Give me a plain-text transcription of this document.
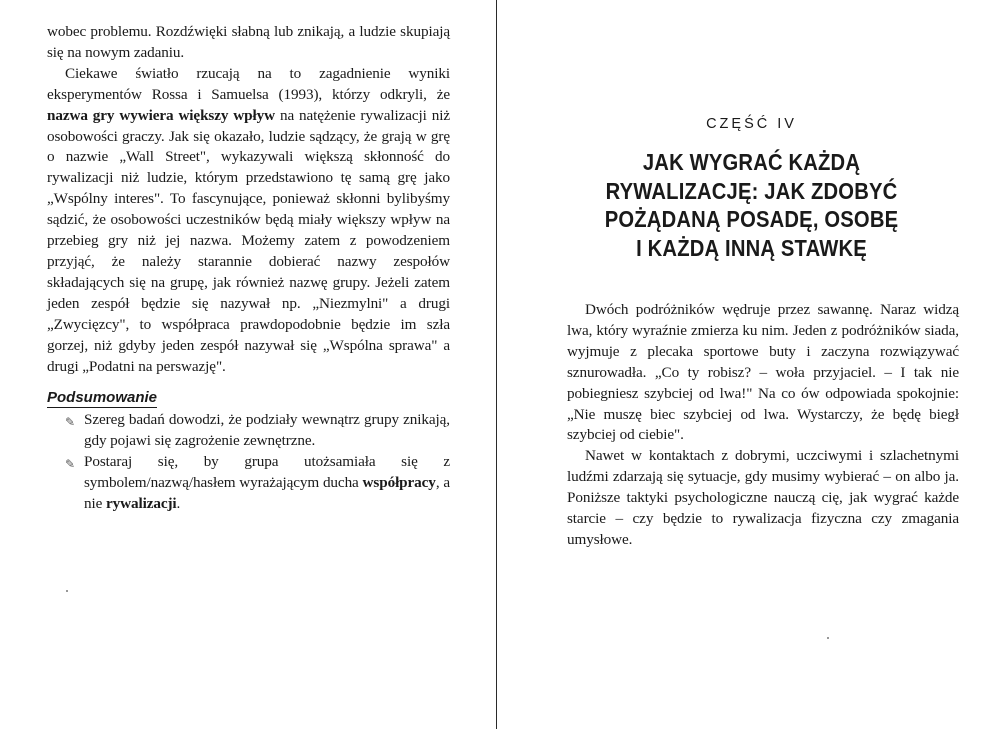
wobec problemu. Rozdźwięki słabną lub znikają, a ludzie skupiają się na nowym zadaniu.

Ciekawe światło rzucają na to zagadnienie wyniki eksperymentów Rossa i Samuelsa (1993), którzy odkryli, że nazwa gry wywiera większy wpływ na natężenie rywalizacji niż osobowości graczy. Jak się okazało, ludzie sądzący, że grają w grę o nazwie „Wall Street", wykazywali większą skłonność do rywalizacji niż ludzie, którym przedstawiono tę samą grę jako „Wspólny interes". To fascynujące, ponieważ skłonni bylibyśmy sądzić, że osobowości uczestników będą miały większy wpływ na przebieg gry niż jej nazwa. Możemy zatem z powodzeniem przyjąć, że należy starannie dobierać nazwy zespołów składających się na grupę, jak również nazwę grupy. Jeżeli zatem jeden zespół będzie się nazywał np. „Niezmylni" a drugi „Zwycięzcy", to współpraca prawdopodobnie będzie im szła gorzej, niż gdyby jeden zespół nazywał się „Wspólna sprawa" a drugi „Podatni na perswazję".

Podsumowanie
✎ Szereg badań dowodzi, że podziały wewnątrz grupy znikają, gdy pojawi się zagrożenie zewnętrzne.
✎ Postaraj się, by grupa utożsamiała się z symbolem/nazwą/hasłem wyrażającym ducha współpracy, a nie rywalizacji.
CZĘŚĆ IV
JAK WYGRAĆ KAŻDĄ
RYWALIZACJĘ: JAK ZDOBYĆ
POŻĄDANĄ POSADĘ, OSOBĘ
I KAŻDĄ INNĄ STAWKĘ

Dwóch podróżników wędruje przez sawannę. Naraz widzą lwa, który wyraźnie zmierza ku nim. Jeden z podróżników siada, wyjmuje z plecaka sportowe buty i zaczyna rozwiązywać sznurowadła. „Co ty robisz? – woła przyjaciel. – I tak nie pobiegniesz szybciej od lwa!" Na co ów odpowiada spokojnie: „Nie muszę biec szybciej od lwa. Wystarczy, że będę biegł szybciej od ciebie".

Nawet w kontaktach z dobrymi, uczciwymi i szlachetnymi ludźmi zdarzają się sytuacje, gdy musimy wybierać – on albo ja. Poniższe taktyki psychologiczne nauczą cię, jak wygrać każde starcie – czy będzie to rywalizacja fizyczna czy zmagania umysłowe.
